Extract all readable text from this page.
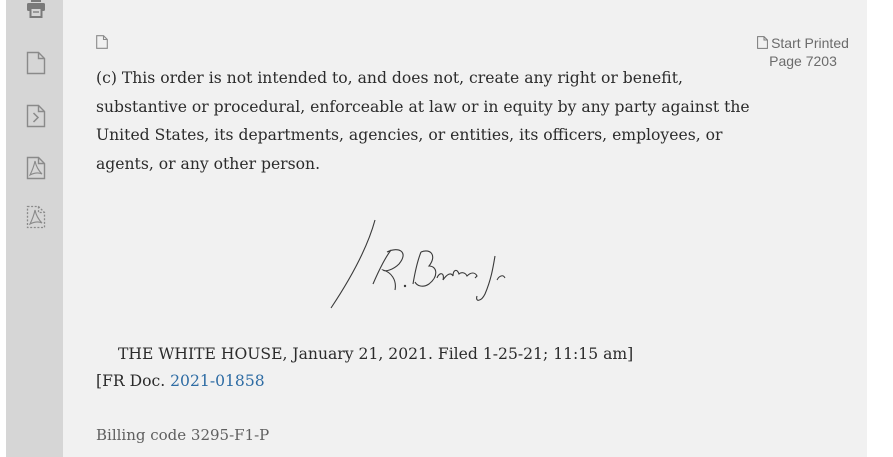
Start Printed
Page 7203

(c) This order is not intended to, and does not, create any right or benefit, substantive or procedural, enforceable at law or in equity by any party against the United States, its departments, agencies, or entities, its officers, employees, or agents, or any other person.

THE WHITE HOUSE, January 21, 2021. Filed 1-25-21; 11:15 am]
[FR Doc. 2021-01858
Billing code 3295-F1-P
